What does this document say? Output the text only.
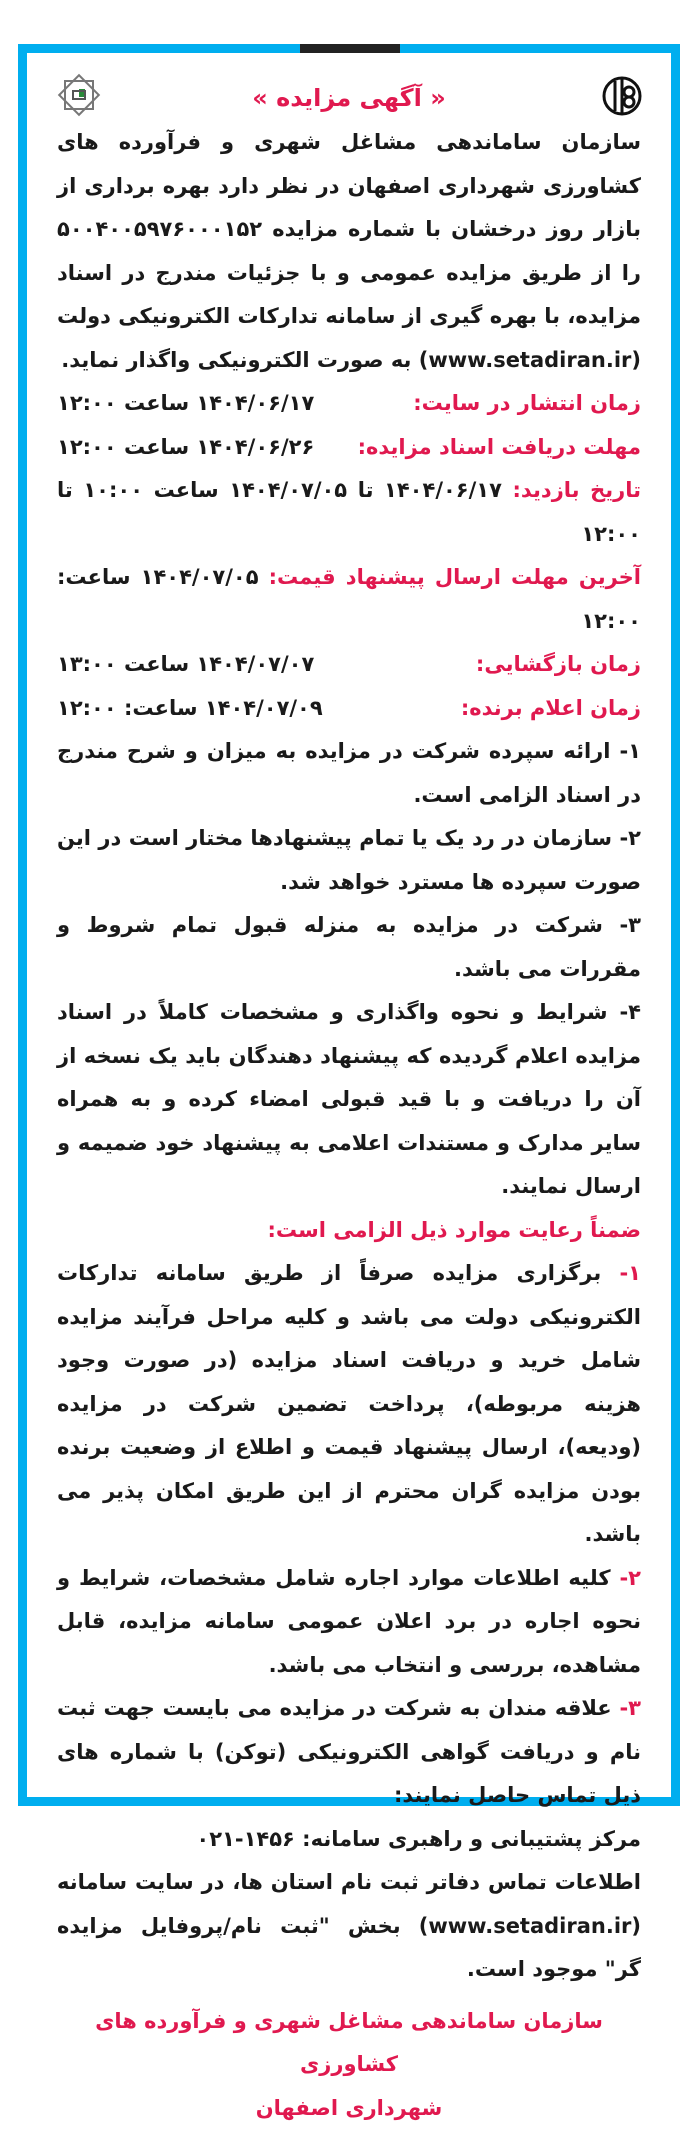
« آگهی مزایده »

سازمان ساماندهی مشاغل شهری و فرآورده های کشاورزی شهرداری اصفهان در نظر دارد بهره برداری از بازار روز درخشان با شماره مزایده ۵۰۰۴۰۰۵۹۷۶۰۰۰۱۵۲ را از طریق مزایده عمومی و با جزئیات مندرج در اسناد مزایده، با بهره گیری از سامانه تدارکات الکترونیکی دولت (www.setadiran.ir) به صورت الکترونیکی واگذار نماید.

زمان انتشار در سایت:
۱۴۰۴/۰۶/۱۷ ساعت ۱۲:۰۰
مهلت دریافت اسناد مزایده:
۱۴۰۴/۰۶/۲۶ ساعت ۱۲:۰۰
تاریخ بازدید: ۱۴۰۴/۰۶/۱۷ تا ۱۴۰۴/۰۷/۰۵ ساعت ۱۰:۰۰ تا ۱۲:۰۰
آخرین مهلت ارسال پیشنهاد قیمت: ۱۴۰۴/۰۷/۰۵ ساعت: ۱۲:۰۰
زمان بازگشایی:
۱۴۰۴/۰۷/۰۷ ساعت ۱۳:۰۰
زمان اعلام برنده:
۱۴۰۴/۰۷/۰۹ ساعت: ۱۲:۰۰

۱- ارائه سپرده شرکت در مزایده به میزان و شرح مندرج در اسناد الزامی است.

۲- سازمان در رد یک یا تمام پیشنهادها مختار است در این صورت سپرده ها مسترد خواهد شد.

۳- شرکت در مزایده به منزله قبول تمام شروط و مقررات می باشد.

۴- شرایط و نحوه واگذاری و مشخصات کاملاً در اسناد مزایده اعلام گردیده که پیشنهاد دهندگان باید یک نسخه از آن را دریافت و با قید قبولی امضاء کرده و به همراه سایر مدارک و مستندات اعلامی به پیشنهاد خود ضمیمه و ارسال نمایند.

ضمناً رعایت موارد ذیل الزامی است:

۱- برگزاری مزایده صرفاً از طریق سامانه تدارکات الکترونیکی دولت می باشد و کلیه مراحل فرآیند مزایده شامل خرید و دریافت اسناد مزایده (در صورت وجود هزینه مربوطه)، پرداخت تضمین شرکت در مزایده (ودیعه)، ارسال پیشنهاد قیمت و اطلاع از وضعیت برنده بودن مزایده گران محترم از این طریق امکان پذیر می باشد.

۲- کلیه اطلاعات موارد اجاره شامل مشخصات، شرایط و نحوه اجاره در برد اعلان عمومی سامانه مزایده، قابل مشاهده، بررسی و انتخاب می باشد.

۳- علاقه مندان به شرکت در مزایده می بایست جهت ثبت نام و دریافت گواهی الکترونیکی (توکن) با شماره های ذیل تماس حاصل نمایند:

مرکز پشتیبانی و راهبری سامانه: ۱۴۵۶-۰۲۱

اطلاعات تماس دفاتر ثبت نام استان ها، در سایت سامانه (www.setadiran.ir) بخش "ثبت نام/پروفایل مزایده گر" موجود است.

سازمان ساماندهی مشاغل شهری و فرآورده های کشاورزی
شهرداری اصفهان
